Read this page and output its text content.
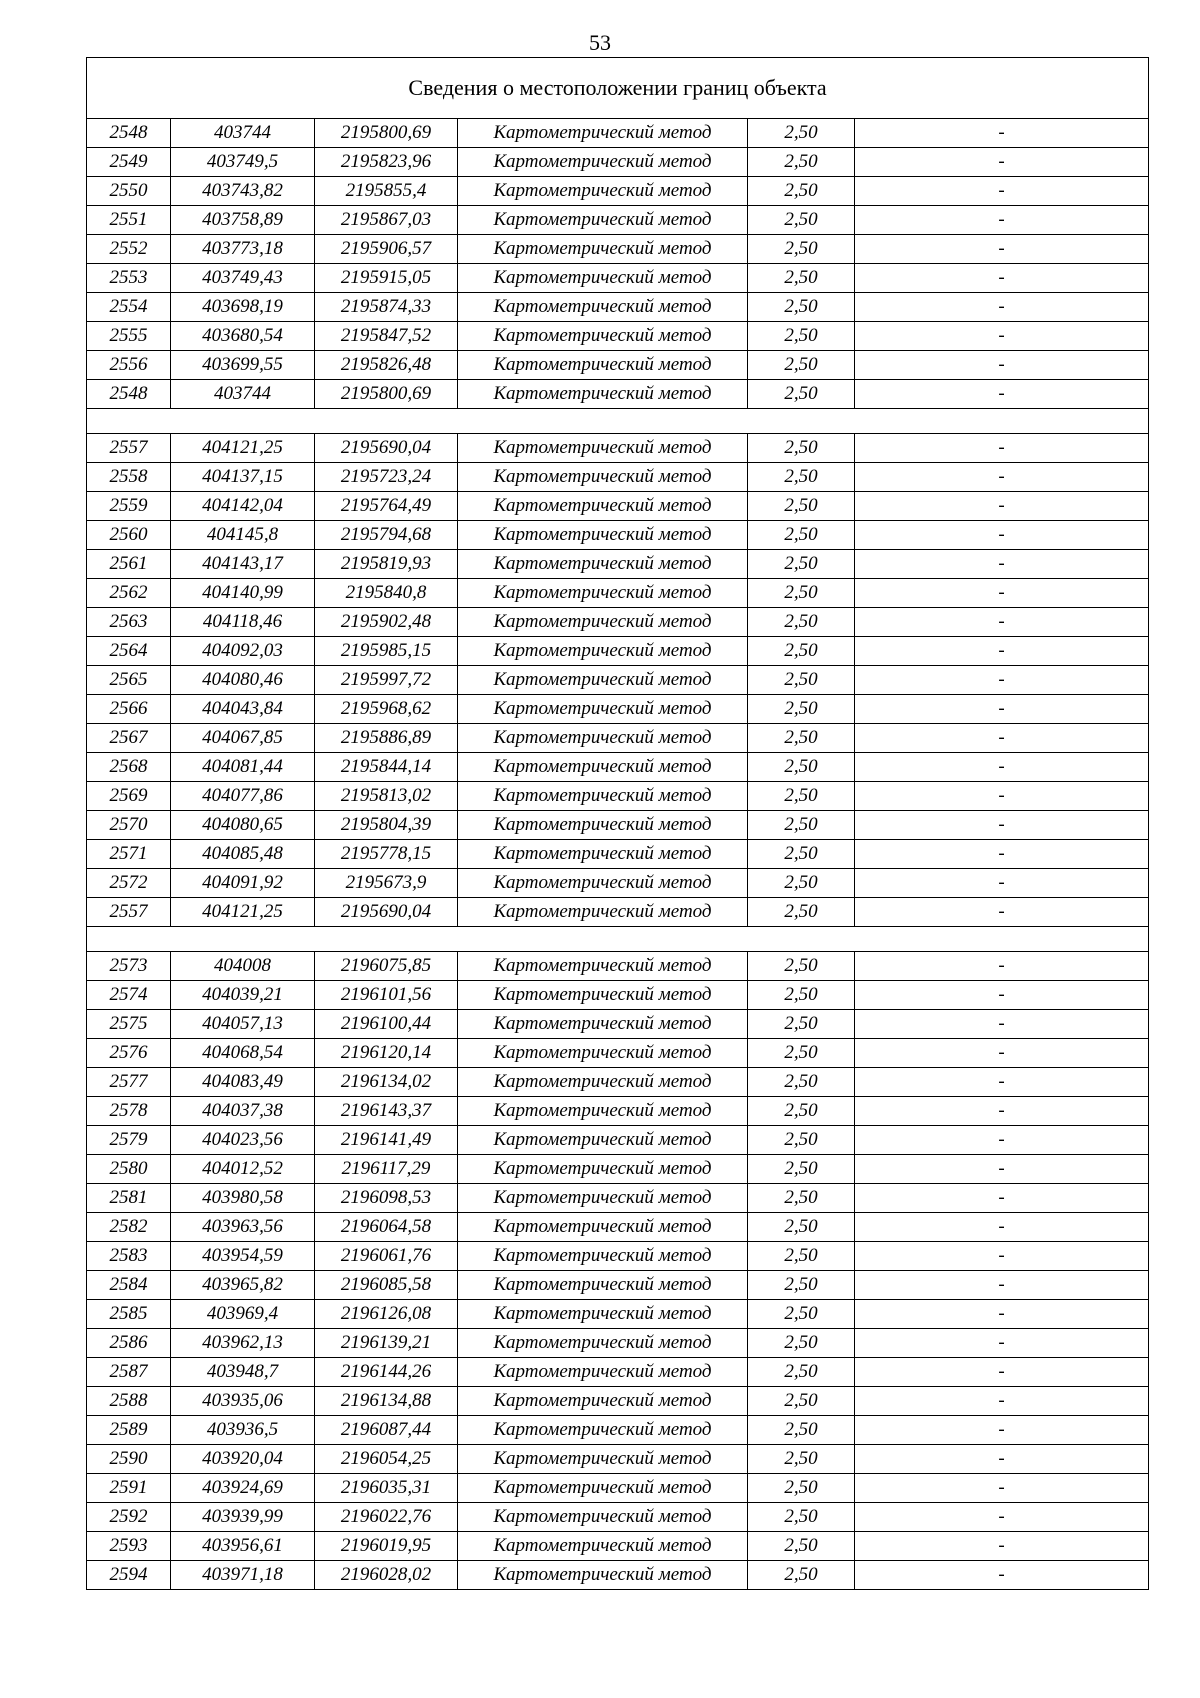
53
Сведения о местоположении границ объекта					
2548	403744	2195800,69	Картометрический метод	2,50	-
2549	403749,5	2195823,96	Картометрический метод	2,50	-
2550	403743,82	2195855,4	Картометрический метод	2,50	-
2551	403758,89	2195867,03	Картометрический метод	2,50	-
2552	403773,18	2195906,57	Картометрический метод	2,50	-
2553	403749,43	2195915,05	Картометрический метод	2,50	-
2554	403698,19	2195874,33	Картометрический метод	2,50	-
2555	403680,54	2195847,52	Картометрический метод	2,50	-
2556	403699,55	2195826,48	Картометрический метод	2,50	-
2548	403744	2195800,69	Картометрический метод	2,50	-

2557	404121,25	2195690,04	Картометрический метод	2,50	-
2558	404137,15	2195723,24	Картометрический метод	2,50	-
2559	404142,04	2195764,49	Картометрический метод	2,50	-
2560	404145,8	2195794,68	Картометрический метод	2,50	-
2561	404143,17	2195819,93	Картометрический метод	2,50	-
2562	404140,99	2195840,8	Картометрический метод	2,50	-
2563	404118,46	2195902,48	Картометрический метод	2,50	-
2564	404092,03	2195985,15	Картометрический метод	2,50	-
2565	404080,46	2195997,72	Картометрический метод	2,50	-
2566	404043,84	2195968,62	Картометрический метод	2,50	-
2567	404067,85	2195886,89	Картометрический метод	2,50	-
2568	404081,44	2195844,14	Картометрический метод	2,50	-
2569	404077,86	2195813,02	Картометрический метод	2,50	-
2570	404080,65	2195804,39	Картометрический метод	2,50	-
2571	404085,48	2195778,15	Картометрический метод	2,50	-
2572	404091,92	2195673,9	Картометрический метод	2,50	-
2557	404121,25	2195690,04	Картометрический метод	2,50	-

2573	404008	2196075,85	Картометрический метод	2,50	-
2574	404039,21	2196101,56	Картометрический метод	2,50	-
2575	404057,13	2196100,44	Картометрический метод	2,50	-
2576	404068,54	2196120,14	Картометрический метод	2,50	-
2577	404083,49	2196134,02	Картометрический метод	2,50	-
2578	404037,38	2196143,37	Картометрический метод	2,50	-
2579	404023,56	2196141,49	Картометрический метод	2,50	-
2580	404012,52	2196117,29	Картометрический метод	2,50	-
2581	403980,58	2196098,53	Картометрический метод	2,50	-
2582	403963,56	2196064,58	Картометрический метод	2,50	-
2583	403954,59	2196061,76	Картометрический метод	2,50	-
2584	403965,82	2196085,58	Картометрический метод	2,50	-
2585	403969,4	2196126,08	Картометрический метод	2,50	-
2586	403962,13	2196139,21	Картометрический метод	2,50	-
2587	403948,7	2196144,26	Картометрический метод	2,50	-
2588	403935,06	2196134,88	Картометрический метод	2,50	-
2589	403936,5	2196087,44	Картометрический метод	2,50	-
2590	403920,04	2196054,25	Картометрический метод	2,50	-
2591	403924,69	2196035,31	Картометрический метод	2,50	-
2592	403939,99	2196022,76	Картометрический метод	2,50	-
2593	403956,61	2196019,95	Картометрический метод	2,50	-
2594	403971,18	2196028,02	Картометрический метод	2,50	-
